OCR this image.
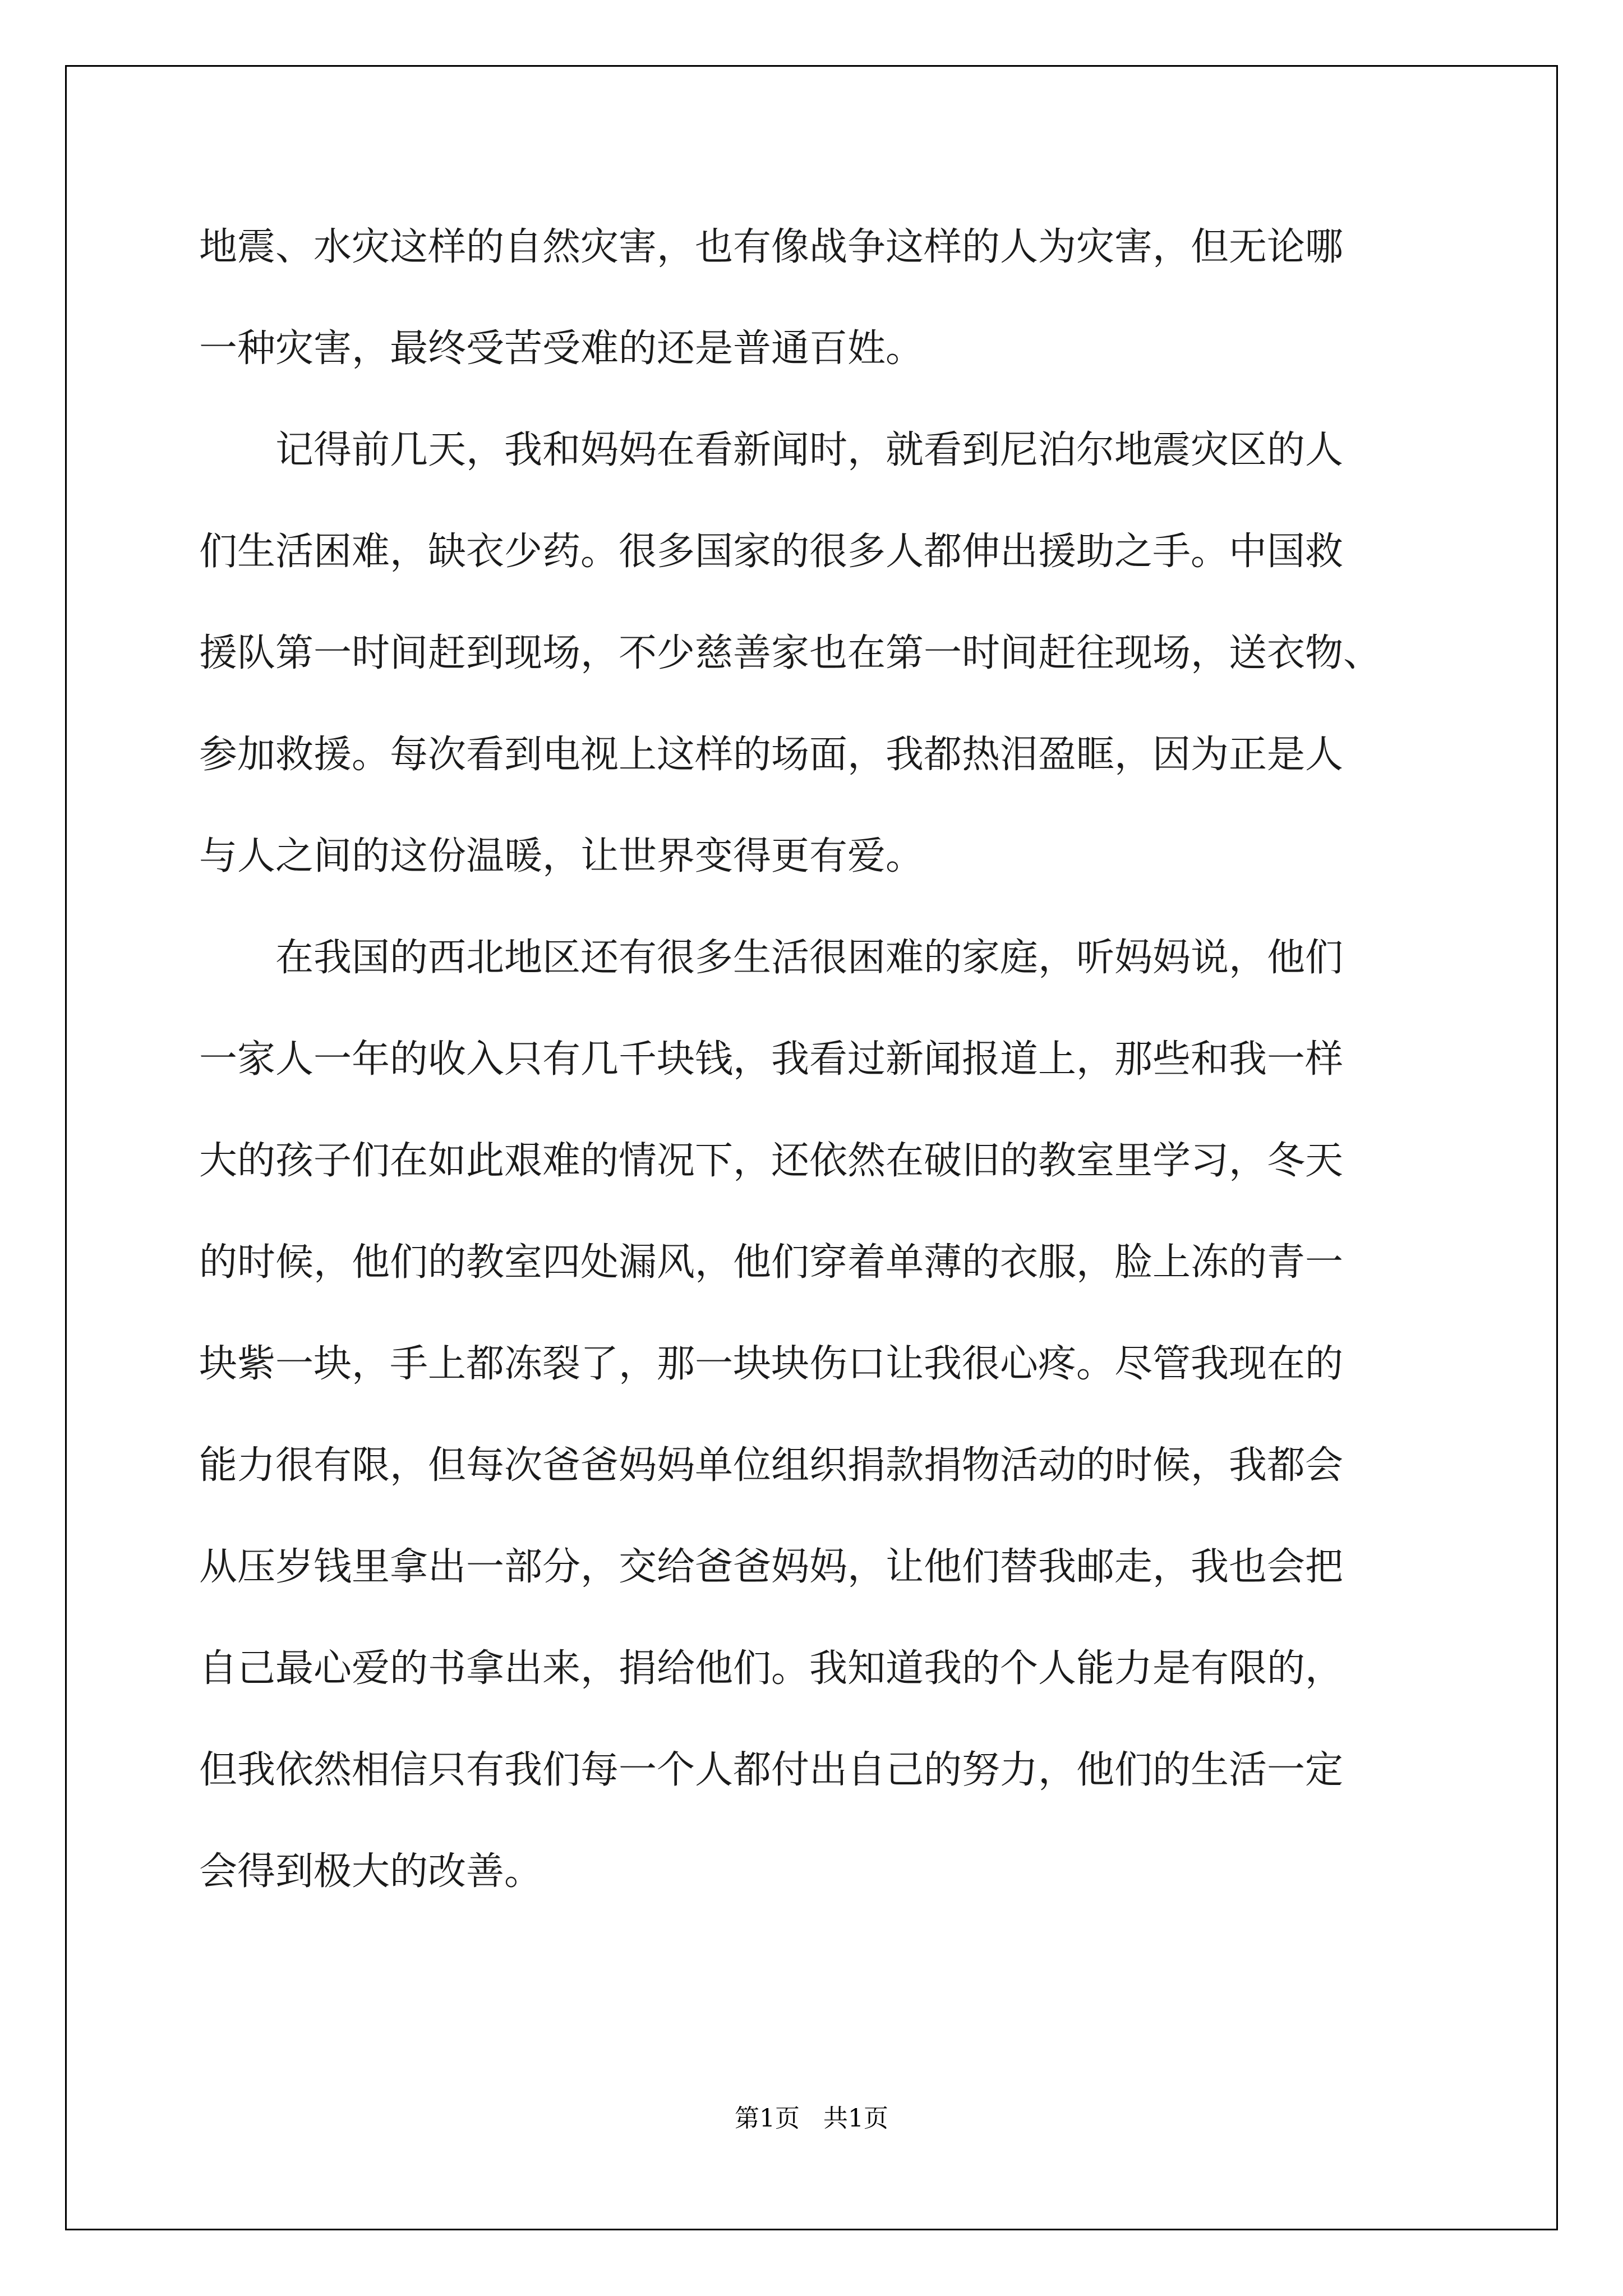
地震、水灾这样的自然灾害，也有像战争这样的人为灾害，但无论哪
一种灾害，最终受苦受难的还是普通百姓。
　　记得前几天，我和妈妈在看新闻时，就看到尼泊尔地震灾区的人
们生活困难，缺衣少药。很多国家的很多人都伸出援助之手。中国救
援队第一时间赶到现场，不少慈善家也在第一时间赶往现场，送衣物、
参加救援。每次看到电视上这样的场面，我都热泪盈眶，因为正是人
与人之间的这份温暖，让世界变得更有爱。
　　在我国的西北地区还有很多生活很困难的家庭，听妈妈说，他们
一家人一年的收入只有几千块钱，我看过新闻报道上，那些和我一样
大的孩子们在如此艰难的情况下，还依然在破旧的教室里学习，冬天
的时候，他们的教室四处漏风，他们穿着单薄的衣服，脸上冻的青一
块紫一块，手上都冻裂了，那一块块伤口让我很心疼。尽管我现在的
能力很有限，但每次爸爸妈妈单位组织捐款捐物活动的时候，我都会
从压岁钱里拿出一部分，交给爸爸妈妈，让他们替我邮走，我也会把
自己最心爱的书拿出来，捐给他们。我知道我的个人能力是有限的，
但我依然相信只有我们每一个人都付出自己的努力，他们的生活一定
会得到极大的改善。
第1页   共1页
